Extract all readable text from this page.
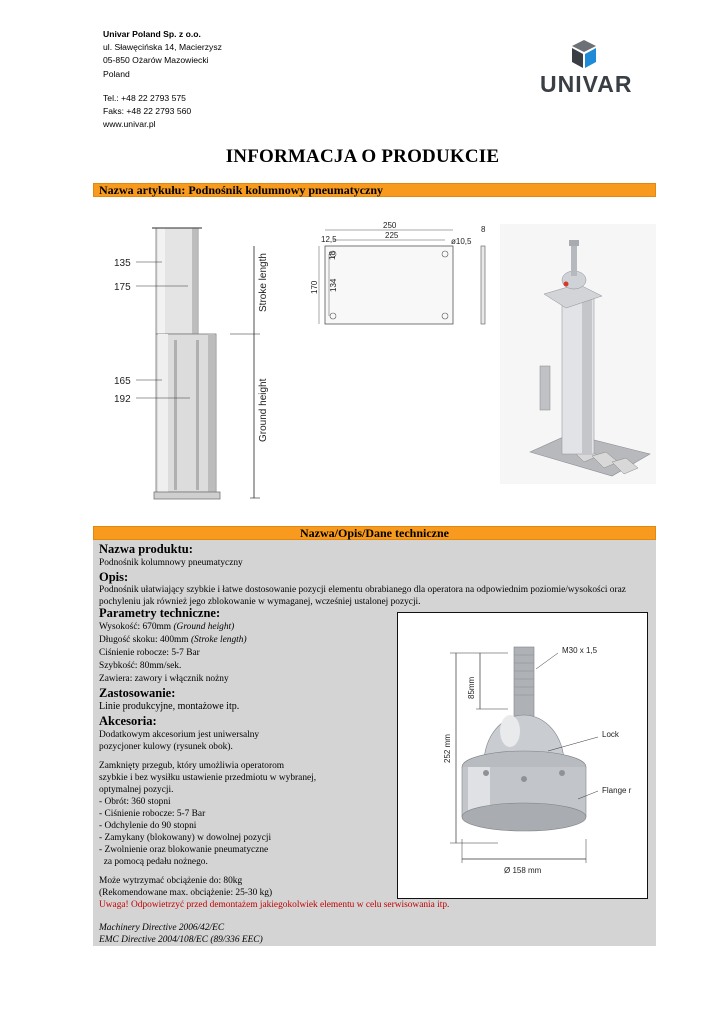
Univar Poland Sp. z o.o.
ul. Sławęcińska 14, Macierzysz
05-850 Ożarów Mazowiecki
Poland
Tel.: +48 22 2793 575
Faks: +48 22 2793 560
www.univar.pl
UNIVAR
INFORMACJA O PRODUKCIE
Nazwa artykułu: Podnośnik kolumnowy pneumatyczny
135
175
165
192
Stroke length
Ground height
250
225
12,5	ø10,5
8
18
170 134
Nazwa/Opis/Dane techniczne
Nazwa produktu:
Podnośnik kolumnowy pneumatyczny
Opis:
Podnośnik ułatwiający szybkie i łatwe dostosowanie pozycji elementu obrabianego dla operatora na odpowiednim poziomie/wysokości oraz
pochyleniu jak również jego zblokowanie w wymaganej, wcześniej ustalonej pozycji.
Parametry techniczne:
Wysokość: 670mm (Ground height)
Długość skoku: 400mm (Stroke length)
Ciśnienie robocze: 5-7 Bar
Szybkość: 80mm/sek.
Zawiera: zawory i włącznik nożny
Zastosowanie:
Linie produkcyjne, montażowe itp.
Akcesoria:
Dodatkowym akcesorium jest uniwersalny
pozycjoner kulowy (rysunek obok).
Zamknięty przegub, który umożliwia operatorom
szybkie i bez wysiłku ustawienie przedmiotu w wybranej,
optymalnej pozycji.
- Obrót: 360 stopni
- Ciśnienie robocze: 5-7 Bar
- Odchylenie do 90 stopni
- Zamykany (blokowany) w dowolnej pozycji
- Zwolnienie oraz blokowanie pneumatyczne
za pomocą pedału nożnego.
Może wytrzymać obciążenie do: 80kg
(Rekomendowane max. obciążenie: 25-30 kg)
Uwaga! Odpowietrzyć przed demontażem jakiegokolwiek elementu w celu serwisowania itp.
Machinery Directive 2006/42/EC
EMC Directive 2004/108/EC (89/336 EEC)
M30 x 1,5
Lock
Flange r
85mm
252 mm
Ø 158 mm
